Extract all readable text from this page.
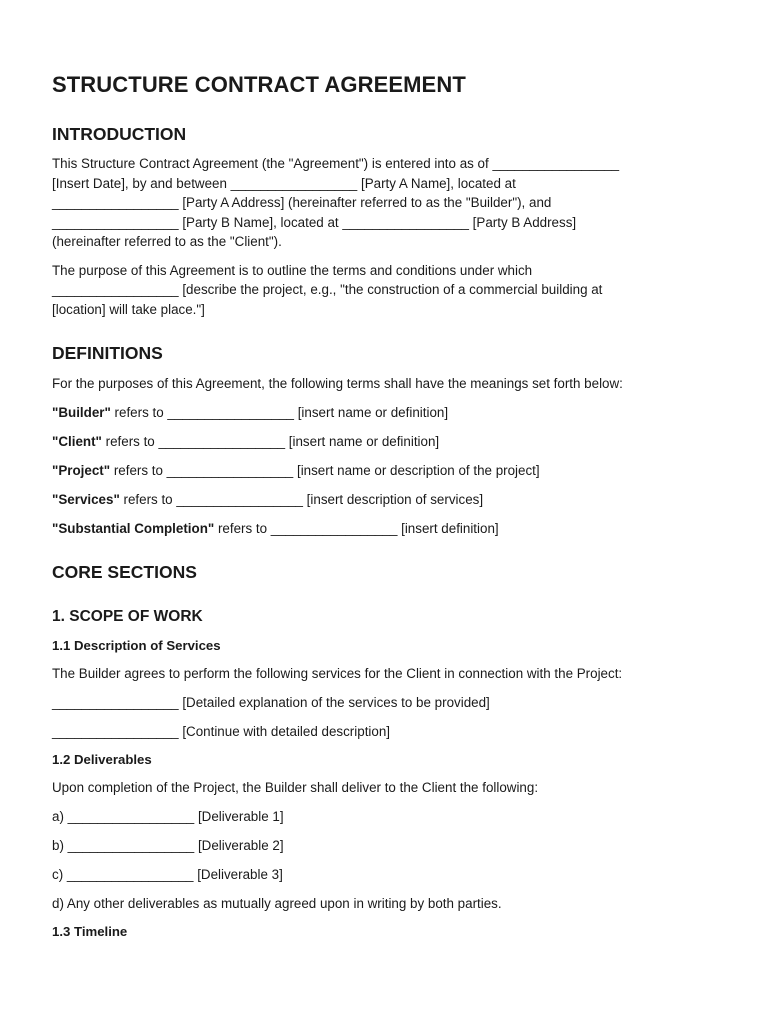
STRUCTURE CONTRACT AGREEMENT
INTRODUCTION
This Structure Contract Agreement (the "Agreement") is entered into as of _________________
[Insert Date], by and between _________________ [Party A Name], located at
_________________ [Party A Address] (hereinafter referred to as the "Builder"), and
_________________ [Party B Name], located at _________________ [Party B Address]
(hereinafter referred to as the "Client").
The purpose of this Agreement is to outline the terms and conditions under which
_________________ [describe the project, e.g., "the construction of a commercial building at
[location] will take place."]
DEFINITIONS

For the purposes of this Agreement, the following terms shall have the meanings set forth below:

"Builder" refers to _________________ [insert name or definition]
"Client" refers to _________________ [insert name or definition]
"Project" refers to _________________ [insert name or description of the project]
"Services" refers to _________________ [insert description of services]
"Substantial Completion" refers to _________________ [insert definition]
CORE SECTIONS
1. SCOPE OF WORK
1.1 Description of Services

The Builder agrees to perform the following services for the Client in connection with the Project:

_________________ [Detailed explanation of the services to be provided]
_________________ [Continue with detailed description]
1.2 Deliverables

Upon completion of the Project, the Builder shall deliver to the Client the following:

a) _________________ [Deliverable 1]
b) _________________ [Deliverable 2]
c) _________________ [Deliverable 3]
d) Any other deliverables as mutually agreed upon in writing by both parties.
1.3 Timeline
